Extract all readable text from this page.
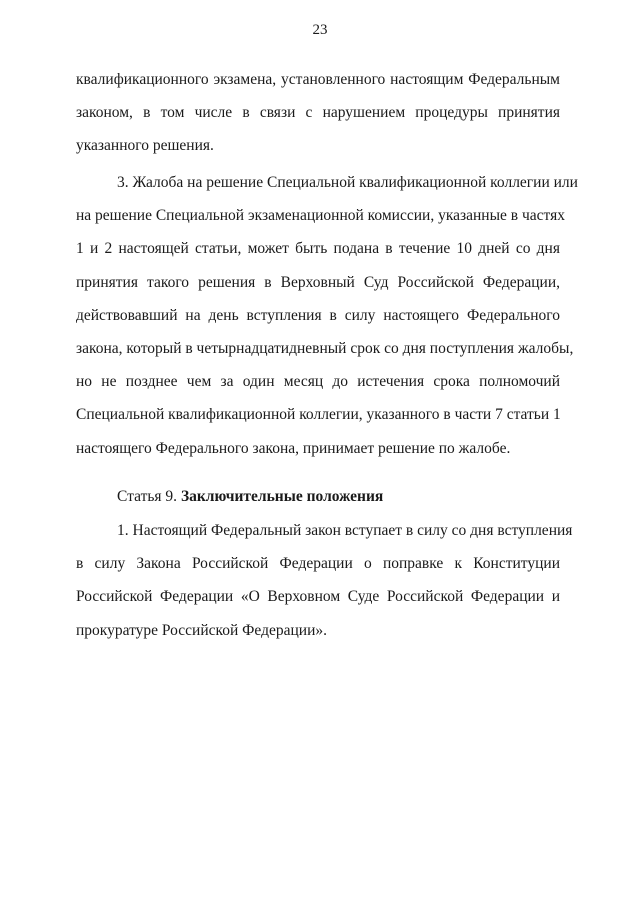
23
квалификационного экзамена, установленного настоящим Федеральным
законом, в том числе в связи с нарушением процедуры принятия
указанного решения.
3. Жалоба на решение Специальной квалификационной коллегии или
на решение Специальной экзаменационной комиссии, указанные в частях
1 и 2 настоящей статьи, может быть подана в течение 10 дней со дня
принятия такого решения в Верховный Суд Российской Федерации,
действовавший на день вступления в силу настоящего Федерального
закона, который в четырнадцатидневный срок со дня поступления жалобы,
но не позднее чем за один месяц до истечения срока полномочий
Специальной квалификационной коллегии, указанного в части 7 статьи 1
настоящего Федерального закона, принимает решение по жалобе.
Статья 9. Заключительные положения
1. Настоящий Федеральный закон вступает в силу со дня вступления
в силу Закона Российской Федерации о поправке к Конституции
Российской Федерации «О Верховном Суде Российской Федерации и
прокуратуре Российской Федерации».
